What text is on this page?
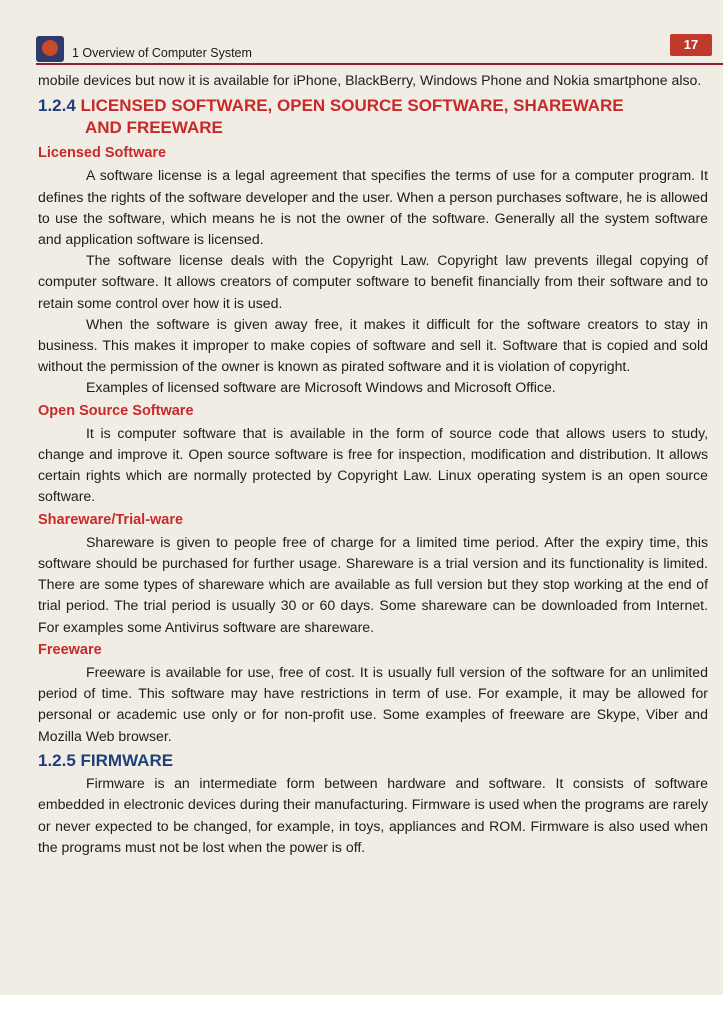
1 Overview of Computer System
17

mobile devices but now it is available for iPhone, BlackBerry, Windows Phone and Nokia smartphone also.

1.2.4 LICENSED SOFTWARE, OPEN SOURCE SOFTWARE, SHAREWARE
AND FREEWARE
Licensed Software

A software license is a legal agreement that specifies the terms of use for a computer program. It defines the rights of the software developer and the user. When a person purchases software, he is allowed to use the software, which means he is not the owner of the software. Generally all the system software and application software is licensed.

The software license deals with the Copyright Law. Copyright law prevents illegal copying of computer software. It allows creators of computer software to benefit financially from their software and to retain some control over how it is used.

When the software is given away free, it makes it difficult for the software creators to stay in business. This makes it improper to make copies of software and sell it. Software that is copied and sold without the permission of the owner is known as pirated software and it is violation of copyright.

Examples of licensed software are Microsoft Windows and Microsoft Office.

Open Source Software

It is computer software that is available in the form of source code that allows users to study, change and improve it. Open source software is free for inspection, modification and distribution. It allows certain rights which are normally protected by Copyright Law. Linux operating system is an open source software.

Shareware/Trial-ware

Shareware is given to people free of charge for a limited time period. After the expiry time, this software should be purchased for further usage. Shareware is a trial version and its functionality is limited. There are some types of shareware which are available as full version but they stop working at the end of trial period. The trial period is usually 30 or 60 days. Some shareware can be downloaded from Internet. For examples some Antivirus software are shareware.

Freeware

Freeware is available for use, free of cost. It is usually full version of the software for an unlimited period of time. This software may have restrictions in term of use. For example, it may be allowed for personal or academic use only or for non-profit use. Some examples of freeware are Skype, Viber and Mozilla Web browser.

1.2.5 FIRMWARE

Firmware is an intermediate form between hardware and software. It consists of software embedded in electronic devices during their manufacturing. Firmware is used when the programs are rarely or never expected to be changed, for example, in toys, appliances and ROM. Firmware is also used when the programs must not be lost when the power is off.
